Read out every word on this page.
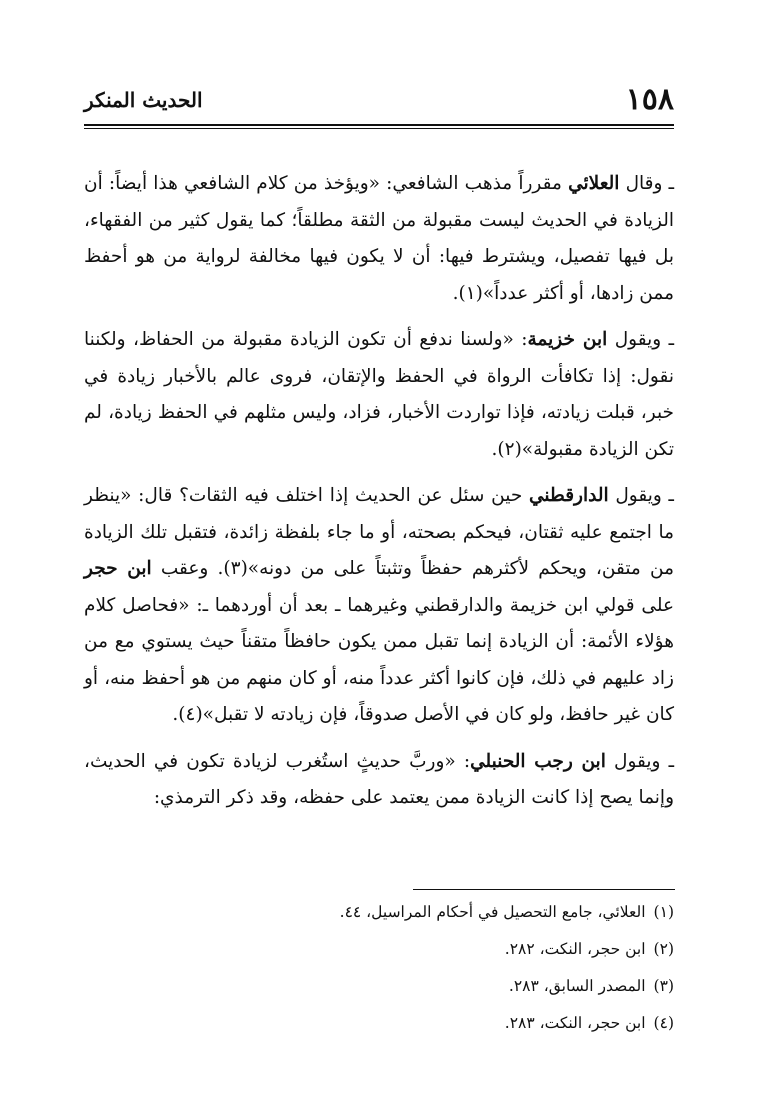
١٥٨
الحديث المنكر

ـ وقال العلائي مقرراً مذهب الشافعي: «ويؤخذ من كلام الشافعي هذا أيضاً: أن الزيادة في الحديث ليست مقبولة من الثقة مطلقاً؛ كما يقول كثير من الفقهاء، بل فيها تفصيل، ويشترط فيها: أن لا يكون فيها مخالفة لرواية من هو أحفظ ممن زادها، أو أكثر عدداً»(١).

ـ ويقول ابن خزيمة: «ولسنا ندفع أن تكون الزيادة مقبولة من الحفاظ، ولكننا نقول: إذا تكافأت الرواة في الحفظ والإتقان، فروى عالم بالأخبار زيادة في خبر، قبلت زيادته، فإذا تواردت الأخبار، فزاد، وليس مثلهم في الحفظ زيادة، لم تكن الزيادة مقبولة»(٢).

ـ ويقول الدارقطني حين سئل عن الحديث إذا اختلف فيه الثقات؟ قال: «ينظر ما اجتمع عليه ثقتان، فيحكم بصحته، أو ما جاء بلفظة زائدة، فتقبل تلك الزيادة من متقن، ويحكم لأكثرهم حفظاً وتثبتاً على من دونه»(٣). وعقب ابن حجر على قولي ابن خزيمة والدارقطني وغيرهما ـ بعد أن أوردهما ـ: «فحاصل كلام هؤلاء الأئمة: أن الزيادة إنما تقبل ممن يكون حافظاً متقناً حيث يستوي مع من زاد عليهم في ذلك، فإن كانوا أكثر عدداً منه، أو كان منهم من هو أحفظ منه، أو كان غير حافظ، ولو كان في الأصل صدوقاً، فإن زيادته لا تقبل»(٤).

ـ ويقول ابن رجب الحنبلي: «وربَّ حديثٍ استُغرب لزيادة تكون في الحديث، وإنما يصح إذا كانت الزيادة ممن يعتمد على حفظه، وقد ذكر الترمذي:

(١)العلائي، جامع التحصيل في أحكام المراسيل، ٤٤.
(٢)ابن حجر، النكت، ٢٨٢.
(٣)المصدر السابق، ٢٨٣.
(٤)ابن حجر، النكت، ٢٨٣.
